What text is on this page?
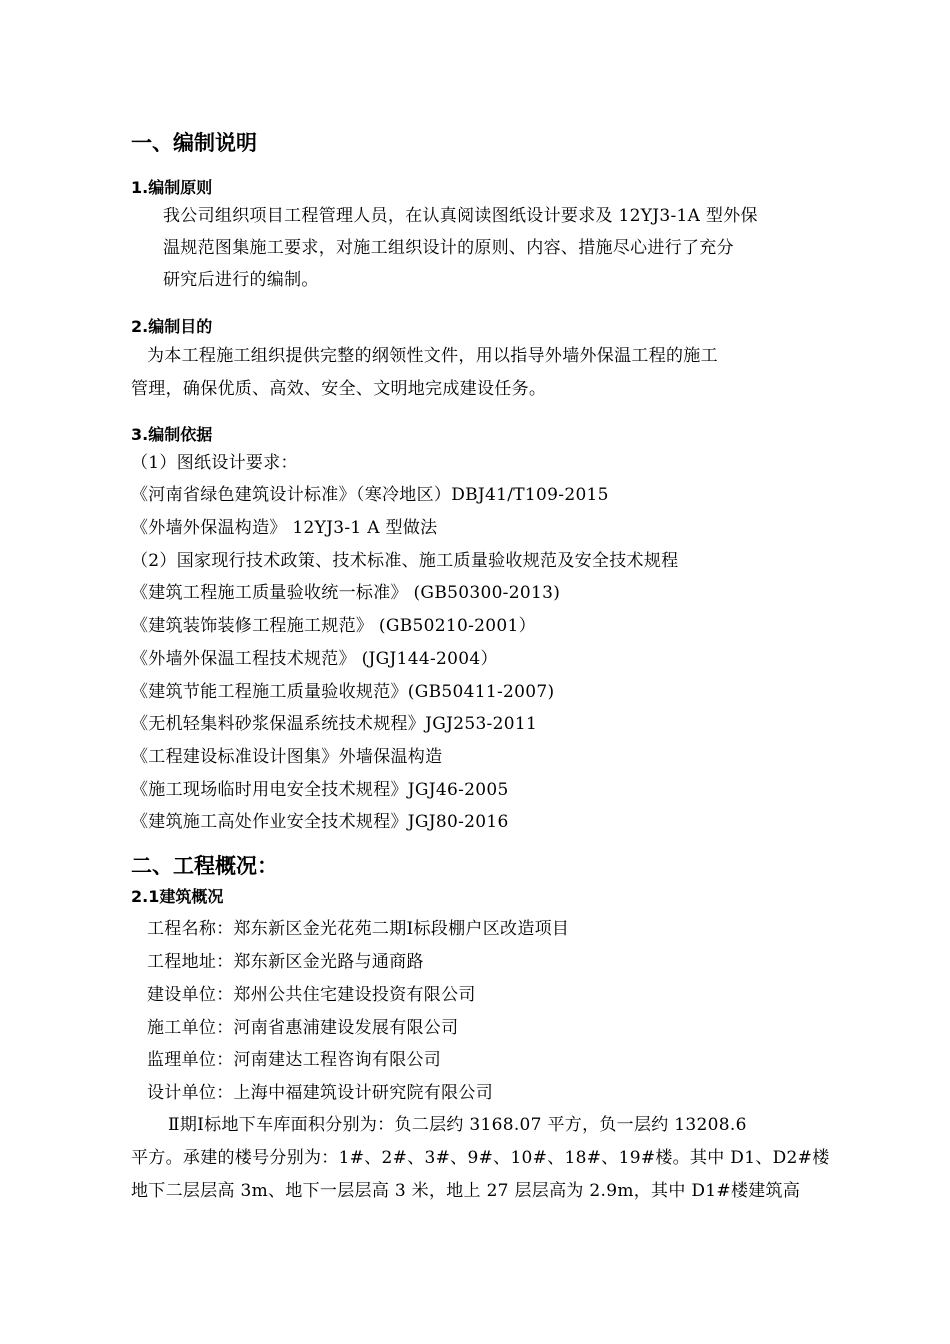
一、编制说明
1.编制原则
我公司组织项目工程管理人员，在认真阅读图纸设计要求及 12YJ3-1A 型外保
温规范图集施工要求，对施工组织设计的原则、内容、措施尽心进行了充分
研究后进行的编制。
2.编制目的
为本工程施工组织提供完整的纲领性文件，用以指导外墙外保温工程的施工
管理，确保优质、高效、安全、文明地完成建设任务。
3.编制依据
（1）图纸设计要求：
《河南省绿色建筑设计标准》（寒冷地区）DBJ41/T109-2015
《外墙外保温构造》 12YJ3-1 A 型做法
（2）国家现行技术政策、技术标准、施工质量验收规范及安全技术规程
《建筑工程施工质量验收统一标准》 (GB50300-2013)
《建筑装饰装修工程施工规范》 (GB50210-2001）
《外墙外保温工程技术规范》 (JGJ144-2004）
《建筑节能工程施工质量验收规范》(GB50411-2007)
《无机轻集料砂浆保温系统技术规程》JGJ253-2011
《工程建设标准设计图集》外墙保温构造
《施工现场临时用电安全技术规程》JGJ46-2005
《建筑施工高处作业安全技术规程》JGJ80-2016
二、工程概况：
2.1建筑概况
工程名称：郑东新区金光花苑二期Ⅰ标段棚户区改造项目
工程地址：郑东新区金光路与通商路
建设单位：郑州公共住宅建设投资有限公司
施工单位：河南省惠浦建设发展有限公司
监理单位：河南建达工程咨询有限公司
设计单位：上海中福建筑设计研究院有限公司
Ⅱ期Ⅰ标地下车库面积分别为：负二层约 3168.07 平方，负一层约 13208.6
平方。承建的楼号分别为：1#、2#、3#、9#、10#、18#、19#楼。其中 D1、D2#楼
地下二层层高 3m、地下一层层高 3 米，地上 27 层层高为 2.9m，其中 D1#楼建筑高
